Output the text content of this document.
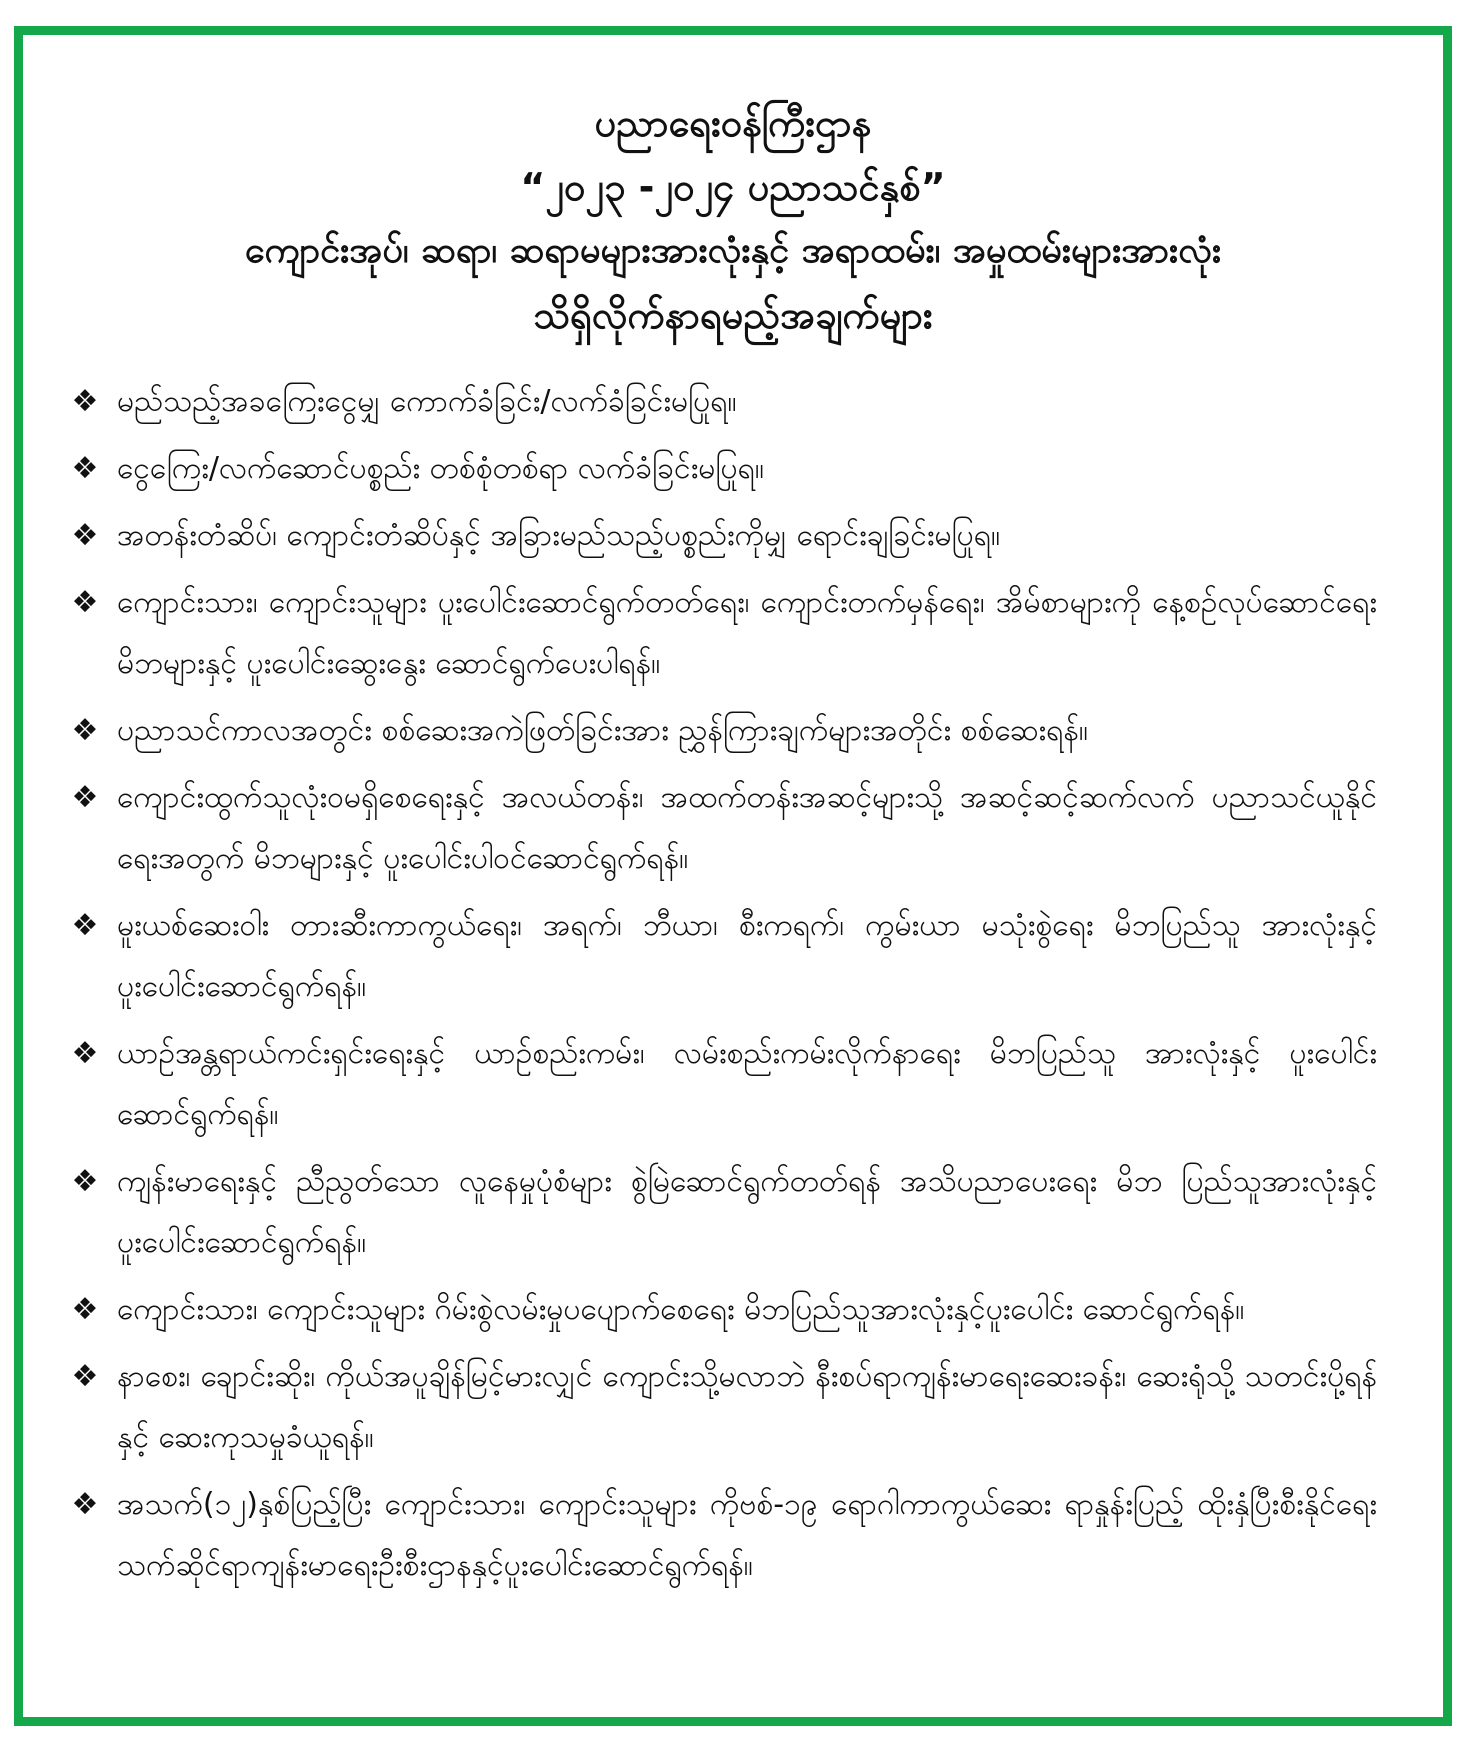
ပညာရေးဝန်ကြီးဌာန
“၂၀၂၃ -၂၀၂၄ ပညာသင်နှစ်”
ကျောင်းအုပ်၊ ဆရာ၊ ဆရာမများအားလုံးနှင့် အရာထမ်း၊ အမှုထမ်းများအားလုံး
သိရှိလိုက်နာရမည့်အချက်များ
❖ မည်သည့်အခကြေးငွေမျှ ကောက်ခံခြင်း/လက်ခံခြင်းမပြုရ။
❖ ငွေကြေး/လက်ဆောင်ပစ္စည်း တစ်စုံတစ်ရာ လက်ခံခြင်းမပြုရ။
❖ အတန်းတံဆိပ်၊ ကျောင်းတံဆိပ်နှင့် အခြားမည်သည့်ပစ္စည်းကိုမျှ ရောင်းချခြင်းမပြုရ။
❖ ကျောင်းသား၊ ကျောင်းသူများ ပူးပေါင်းဆောင်ရွက်တတ်ရေး၊ ကျောင်းတက်မှန်ရေး၊ အိမ်စာများကို နေ့စဉ်လုပ်ဆောင်ရေး မိဘများနှင့် ပူးပေါင်းဆွေးနွေး ဆောင်ရွက်ပေးပါရန်။
❖ ပညာသင်ကာလအတွင်း စစ်ဆေးအကဲဖြတ်ခြင်းအား ညွှန်ကြားချက်များအတိုင်း စစ်ဆေးရန်။
❖ ကျောင်းထွက်သူလုံးဝမရှိစေရေးနှင့် အလယ်တန်း၊ အထက်တန်းအဆင့်များသို့ အဆင့်ဆင့်ဆက်လက် ပညာသင်ယူနိုင်ရေးအတွက် မိဘများနှင့် ပူးပေါင်းပါဝင်ဆောင်ရွက်ရန်။
❖ မူးယစ်ဆေးဝါး တားဆီးကာကွယ်ရေး၊ အရက်၊ ဘီယာ၊ စီးကရက်၊ ကွမ်းယာ မသုံးစွဲရေး မိဘပြည်သူ အားလုံးနှင့် ပူးပေါင်းဆောင်ရွက်ရန်။
❖ ယာဉ်အန္တရာယ်ကင်းရှင်းရေးနှင့် ယာဉ်စည်းကမ်း၊ လမ်းစည်းကမ်းလိုက်နာရေး မိဘပြည်သူ အားလုံးနှင့် ပူးပေါင်းဆောင်ရွက်ရန်။
❖ ကျန်းမာရေးနှင့် ညီညွတ်သော လူနေမှုပုံစံများ စွဲမြဲဆောင်ရွက်တတ်ရန် အသိပညာပေးရေး မိဘ ပြည်သူအားလုံးနှင့် ပူးပေါင်းဆောင်ရွက်ရန်။
❖ ကျောင်းသား၊ ကျောင်းသူများ ဂိမ်းစွဲလမ်းမှုပပျောက်စေရေး မိဘပြည်သူအားလုံးနှင့်ပူးပေါင်း ဆောင်ရွက်ရန်။
❖ နာစေး၊ ချောင်းဆိုး၊ ကိုယ်အပူချိန်မြင့်မားလျှင် ကျောင်းသို့မလာဘဲ နီးစပ်ရာကျန်းမာရေးဆေးခန်း၊ ဆေးရုံသို့ သတင်းပို့ရန်နှင့် ဆေးကုသမှုခံယူရန်။
❖ အသက်(၁၂)နှစ်ပြည့်ပြီး ကျောင်းသား၊ ကျောင်းသူများ ကိုဗစ်-၁၉ ရောဂါကာကွယ်ဆေး ရာနှုန်းပြည့် ထိုးနှံပြီးစီးနိုင်ရေး သက်ဆိုင်ရာကျန်းမာရေးဦးစီးဌာနနှင့်ပူးပေါင်းဆောင်ရွက်ရန်။
